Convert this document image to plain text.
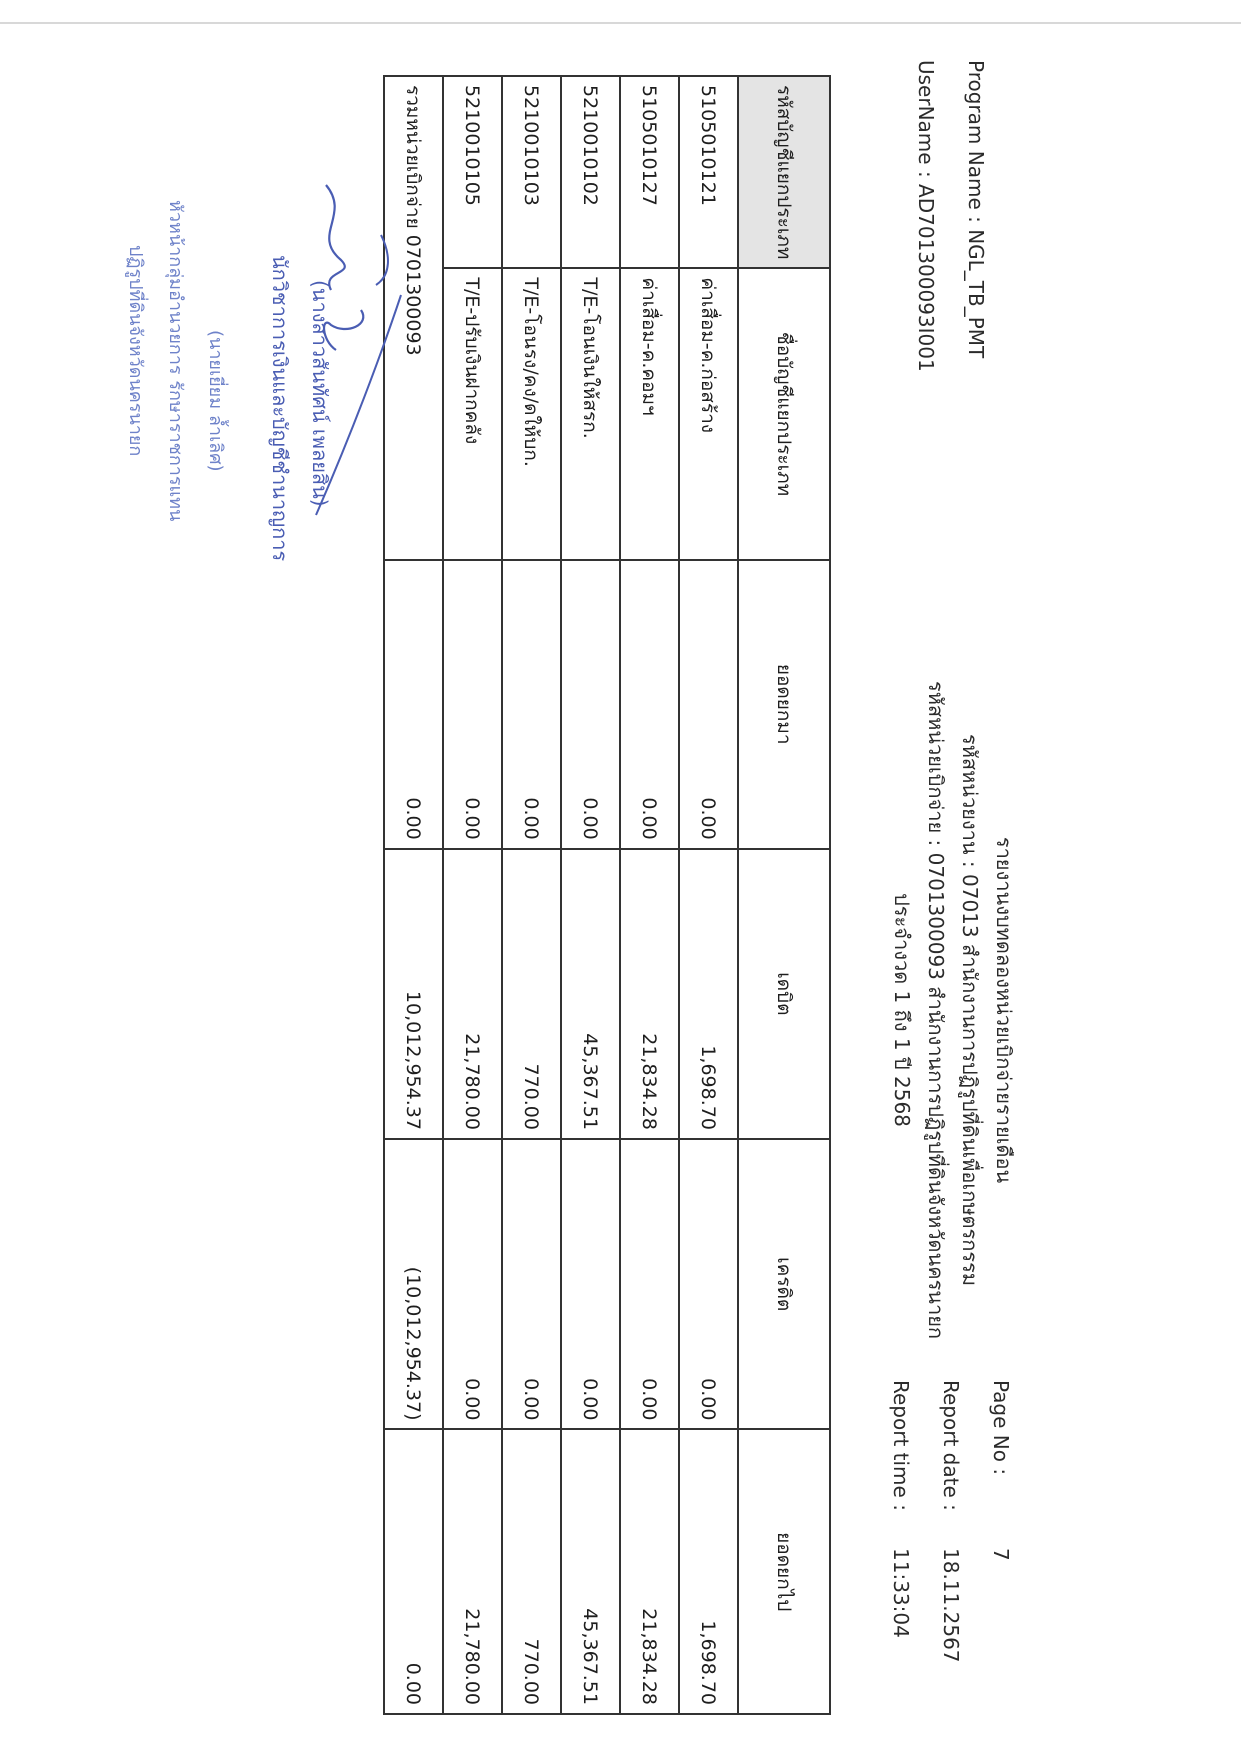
Program Name : NGL_TB_PMT
UserName : AD701300093I001
รายงานงบทดลองหน่วยเบิกจ่ายรายเดือน
รหัสหน่วยงาน : 07013 สำนักงานการปฏิรูปที่ดินเพื่อเกษตรกรรม
รหัสหน่วยเบิกจ่าย : 0701300093 สำนักงานการปฏิรูปที่ดินจังหวัดนครนายก
ประจำงวด 1 ถึง 1 ปี 2568
Page No :7
Report date :18.11.2567
Report time :11:33:04
รหัสบัญชีแยกประเภท	ชื่อบัญชีแยกประเภท	ยอดยกมา	เดบิต	เครดิต	ยอดยกไป
5105010121	ค่าเสื่อม-ค.ก่อสร้าง	0.00	1,698.70	0.00	1,698.70
5105010127	ค่าเสื่อม-ค.คอมฯ	0.00	21,834.28	0.00	21,834.28
5210010102	T/E-โอนเงินให้สรก.	0.00	45,367.51	0.00	45,367.51
5210010103	T/E-โอนรง/คง/ดให้บก.	0.00	770.00	0.00	770.00
5210010105	T/E-ปรับเงินฝากคลัง	0.00	21,780.00	0.00	21,780.00
รวมหน่วยเบิกจ่าย 0701300093		0.00	10,012,954.37	(10,012,954.37)	0.00
(นางสาวสันทัศน์ เพลยสิน)
นักวิชาการเงินและบัญชีชำนาญการ
(นายเยี่ยม ล้ำเลิศ)
หัวหน้ากลุ่มอำนวยการ รักษาราชการแทน
ปฏิรูปที่ดินจังหวัดนครนายก
